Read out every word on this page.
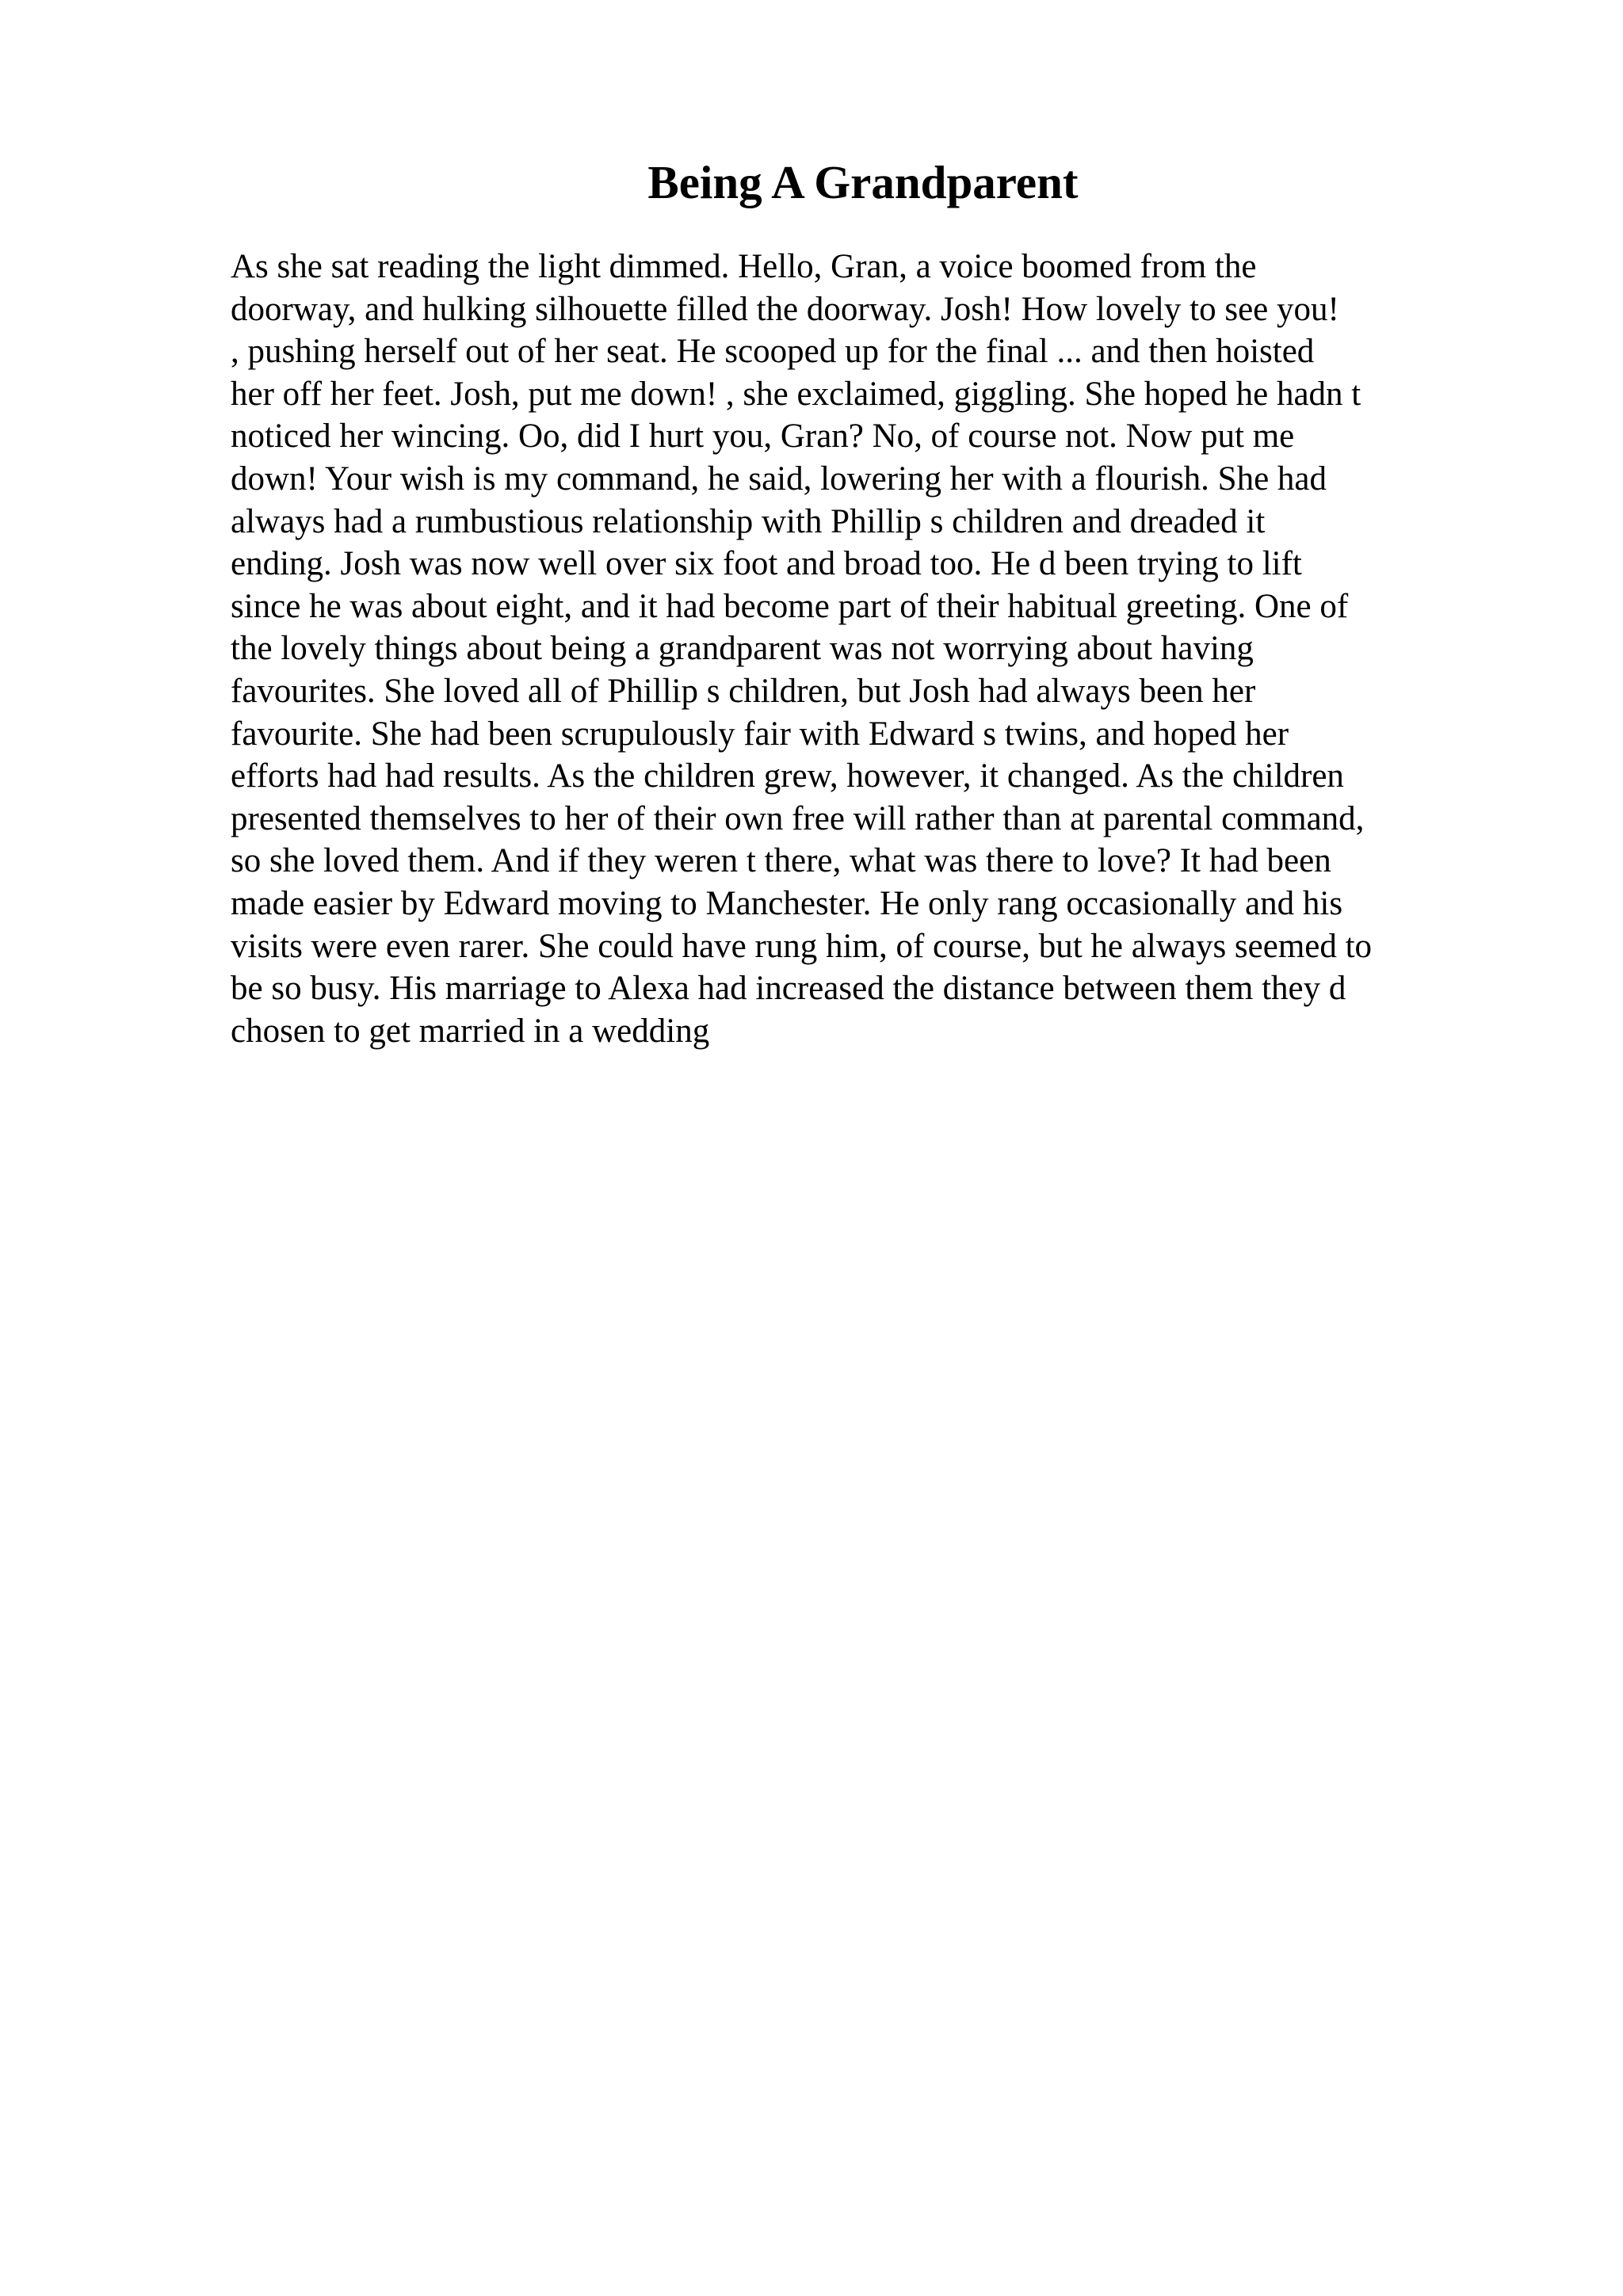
Being A Grandparent
As she sat reading the light dimmed. Hello, Gran, a voice boomed from the
doorway, and hulking silhouette filled the doorway. Josh! How lovely to see you!
, pushing herself out of her seat. He scooped up for the final ... and then hoisted
her off her feet. Josh, put me down! , she exclaimed, giggling. She hoped he hadn t
noticed her wincing. Oo, did I hurt you, Gran? No, of course not. Now put me
down! Your wish is my command, he said, lowering her with a flourish. She had
always had a rumbustious relationship with Phillip s children and dreaded it
ending. Josh was now well over six foot and broad too. He d been trying to lift
since he was about eight, and it had become part of their habitual greeting. One of
the lovely things about being a grandparent was not worrying about having
favourites. She loved all of Phillip s children, but Josh had always been her
favourite. She had been scrupulously fair with Edward s twins, and hoped her
efforts had had results. As the children grew, however, it changed. As the children
presented themselves to her of their own free will rather than at parental command,
so she loved them. And if they weren t there, what was there to love? It had been
made easier by Edward moving to Manchester. He only rang occasionally and his
visits were even rarer. She could have rung him, of course, but he always seemed to
be so busy. His marriage to Alexa had increased the distance between them they d
chosen to get married in a wedding
